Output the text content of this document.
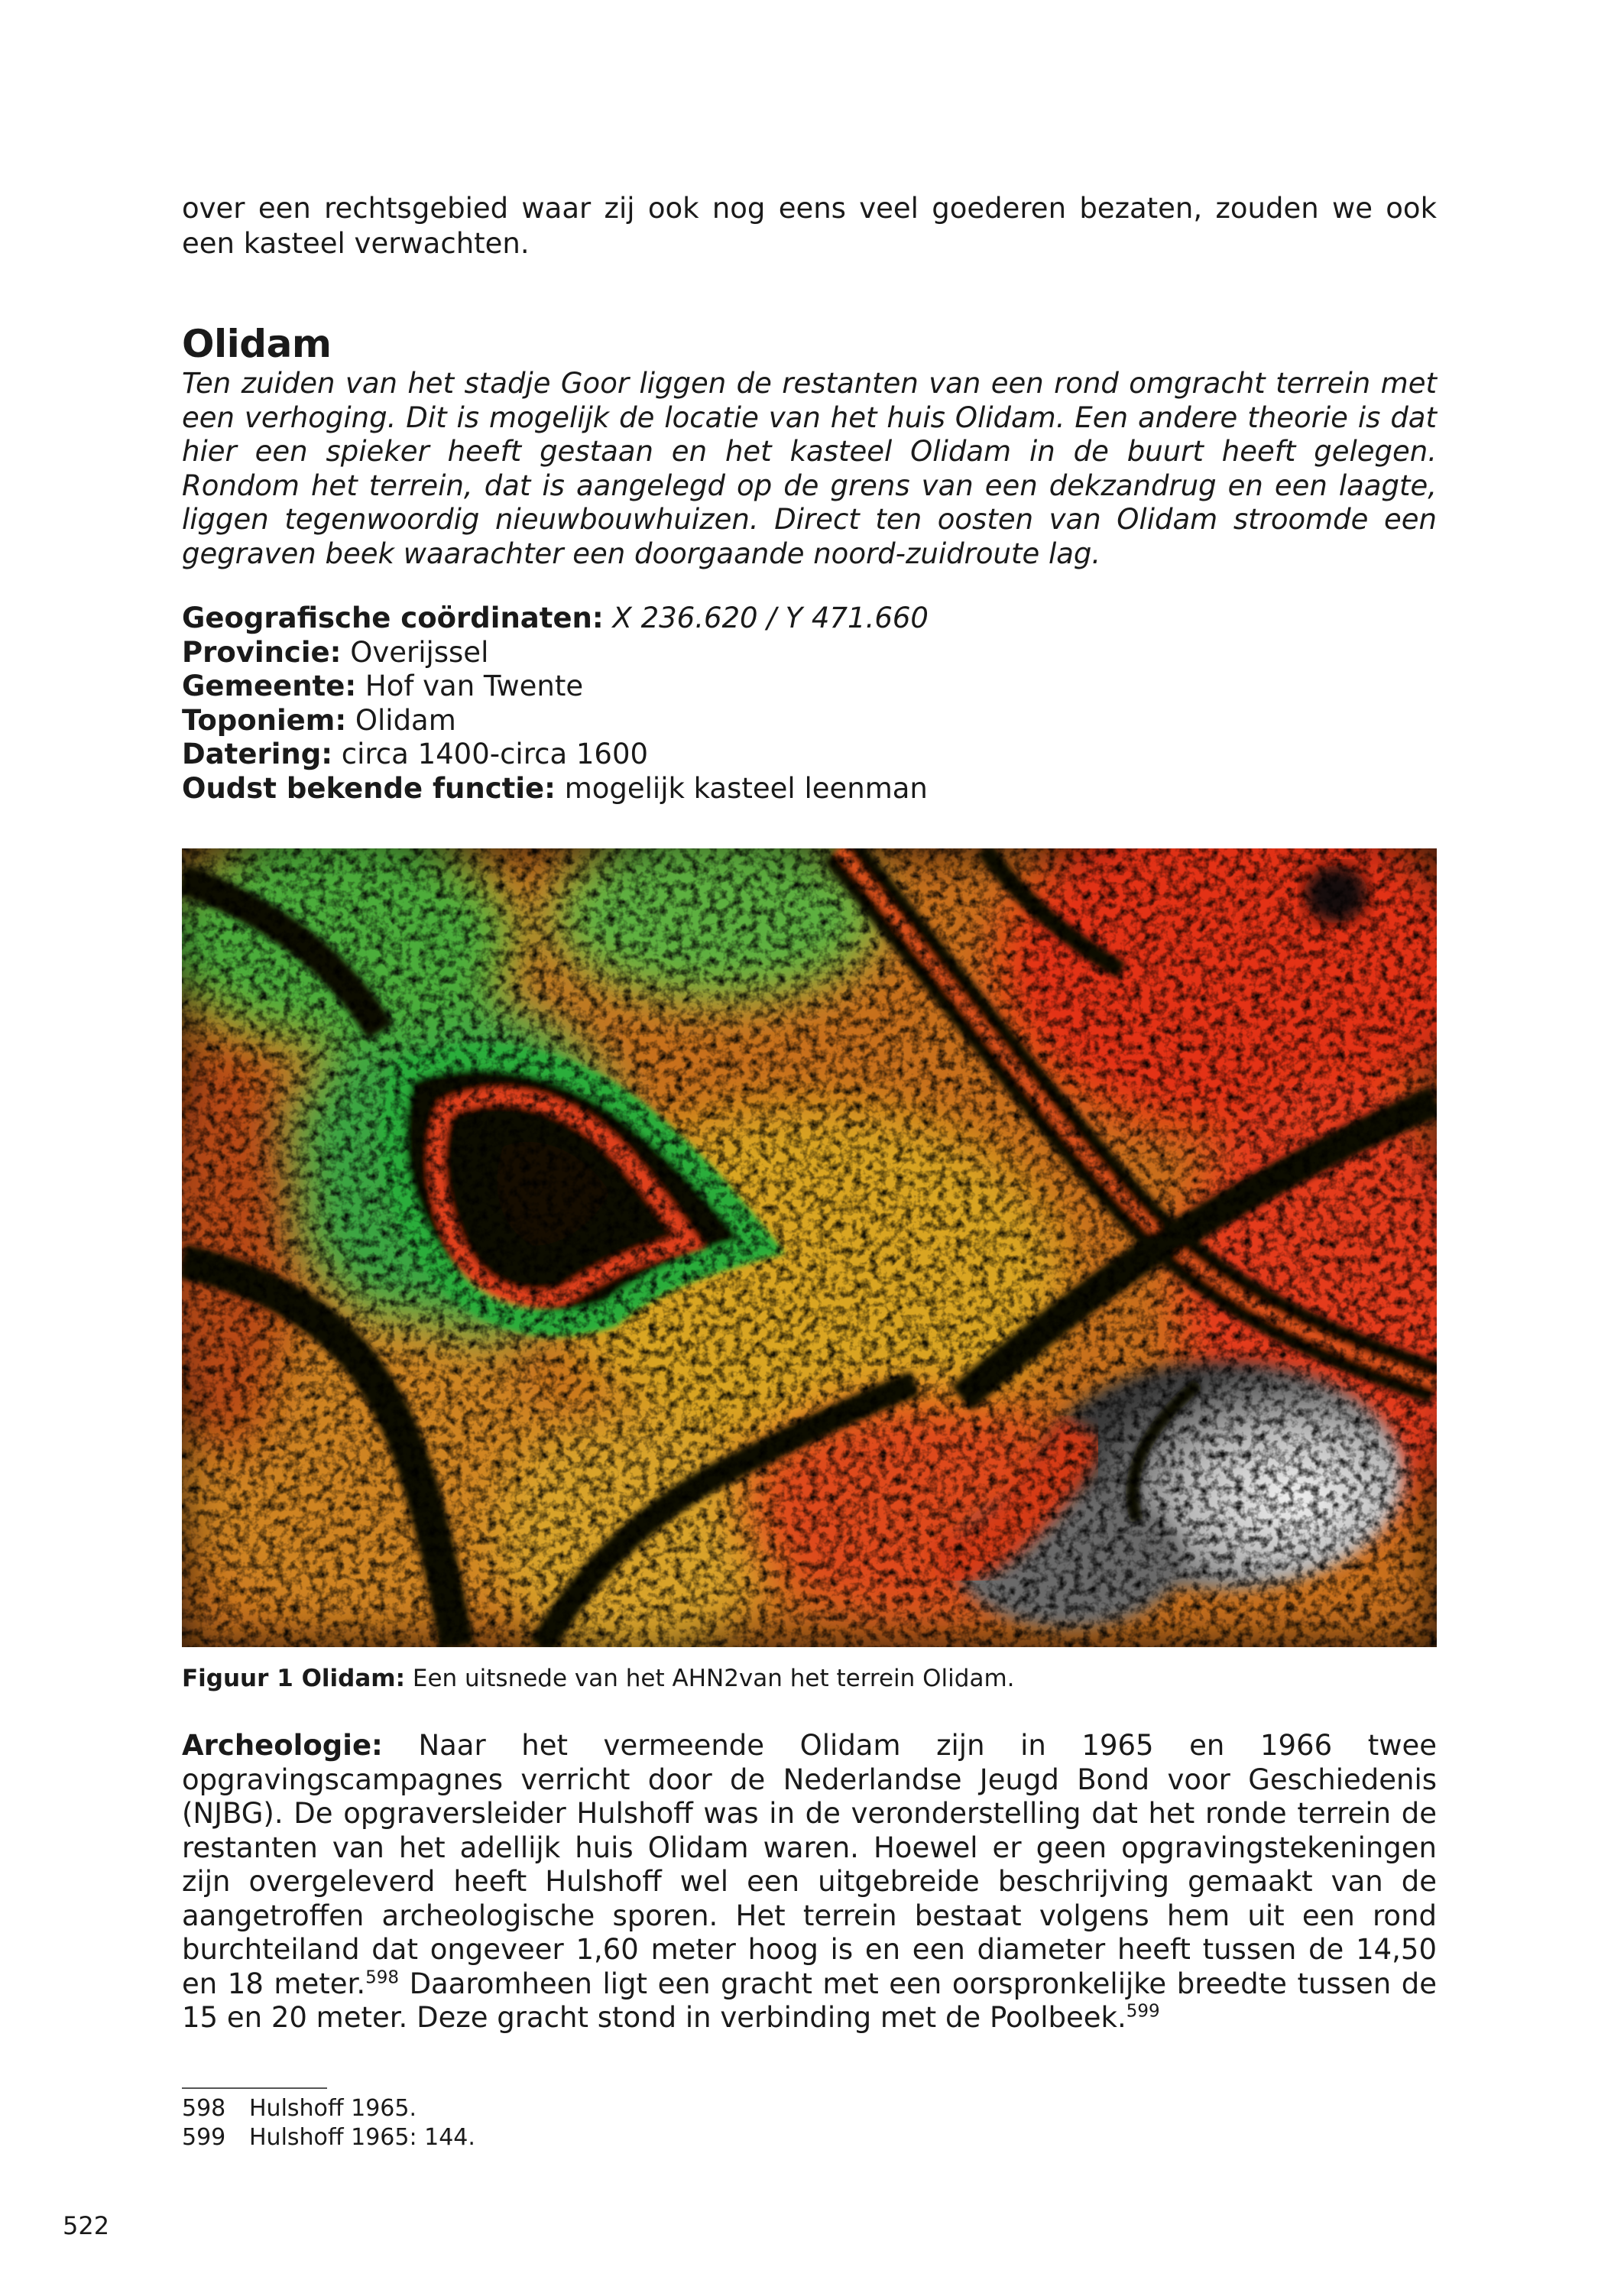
over een rechtsgebied waar zij ook nog eens veel goederen bezaten, zouden we ook een kasteel verwachten.

Olidam

Ten zuiden van het stadje Goor liggen de restanten van een rond omgracht terrein met een verhoging. Dit is mogelijk de locatie van het huis Olidam. Een andere theorie is dat hier een spieker heeft gestaan en het kasteel Olidam in de buurt heeft gelegen. Rondom het terrein, dat is aangelegd op de grens van een dekzandrug en een laagte, liggen tegenwoordig nieuwbouwhuizen. Direct ten oosten van Olidam stroomde een gegraven beek waarachter een doorgaande noord-zuidroute lag.

Geografische coördinaten: X 236.620 / Y 471.660
Provincie: Overijssel
Gemeente: Hof van Twente
Toponiem: Olidam
Datering: circa 1400-circa 1600
Oudst bekende functie: mogelijk kasteel leenman

Figuur 1 Olidam: Een uitsnede van het AHN2van het terrein Olidam.

Archeologie: Naar het vermeende Olidam zijn in 1965 en 1966 twee opgravingscampagnes verricht door de Nederlandse Jeugd Bond voor Geschiedenis (NJBG). De opgraversleider Hulshoff was in de veronderstelling dat het ronde terrein de restanten van het adellijk huis Olidam waren. Hoewel er geen opgravingstekeningen zijn overgeleverd heeft Hulshoff wel een uitgebreide beschrijving gemaakt van de aangetroffen archeologische sporen. Het terrein bestaat volgens hem uit een rond burchteiland dat ongeveer 1,60 meter hoog is en een diameter heeft tussen de 14,50 en 18 meter.$^{598}$ Daaromheen ligt een gracht met een oorspronkelijke breedte tussen de 15 en 20 meter. Deze gracht stond in verbinding met de Poolbeek.$^{599}$

598 Hulshoff 1965.
599 Hulshoff 1965: 144.
522
